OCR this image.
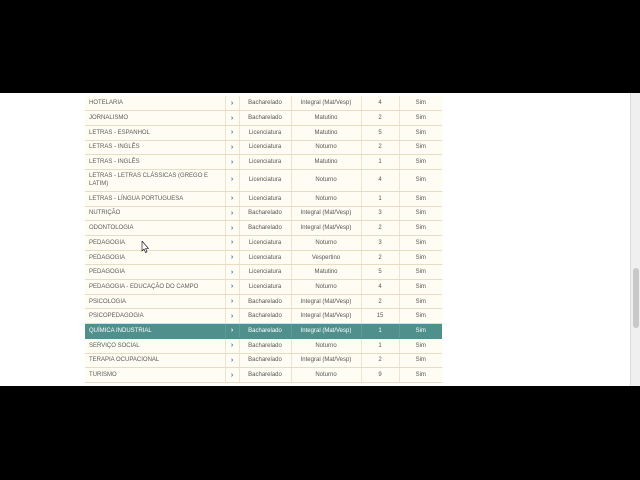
HOTELARIA	›	Bacharelado	Integral (Mat/Vesp)	4	Sim
JORNALISMO	›	Bacharelado	Matutino	2	Sim
LETRAS - ESPANHOL	›	Licenciatura	Matutino	5	Sim
LETRAS - INGLÊS	›	Licenciatura	Noturno	2	Sim
LETRAS - INGLÊS	›	Licenciatura	Matutino	1	Sim
LETRAS - LETRAS CLÁSSICAS (GREGO E LATIM)	›	Licenciatura	Noturno	4	Sim
LETRAS - LÍNGUA PORTUGUESA	›	Licenciatura	Noturno	1	Sim
NUTRIÇÃO	›	Bacharelado	Integral (Mat/Vesp)	3	Sim
ODONTOLOGIA	›	Bacharelado	Integral (Mat/Vesp)	2	Sim
PEDAGOGIA	›	Licenciatura	Noturno	3	Sim
PEDAGOGIA	›	Licenciatura	Vespertino	2	Sim
PEDAGOGIA	›	Licenciatura	Matutino	5	Sim
PEDAGOGIA - EDUCAÇÃO DO CAMPO	›	Licenciatura	Noturno	4	Sim
PSICOLOGIA	›	Bacharelado	Integral (Mat/Vesp)	2	Sim
PSICOPEDAGOGIA	›	Bacharelado	Integral (Mat/Vesp)	15	Sim
QUÍMICA INDUSTRIAL	›	Bacharelado	Integral (Mat/Vesp)	1	Sim
SERVIÇO SOCIAL	›	Bacharelado	Noturno	1	Sim
TERAPIA OCUPACIONAL	›	Bacharelado	Integral (Mat/Vesp)	2	Sim
TURISMO	›	Bacharelado	Noturno	9	Sim
